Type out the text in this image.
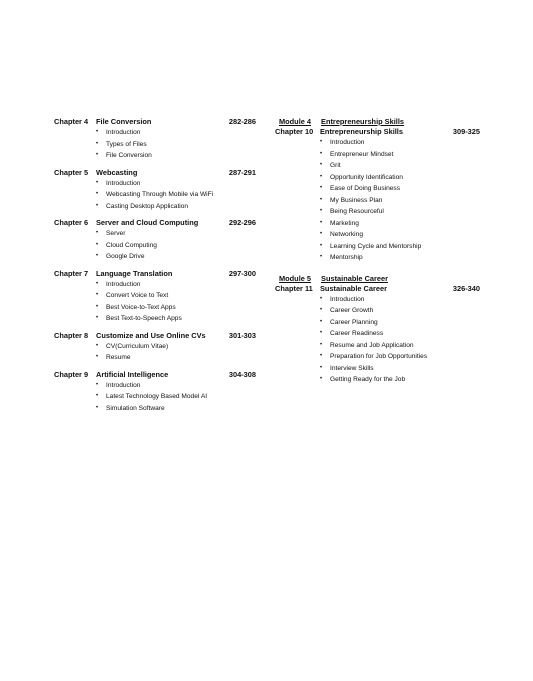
Chapter 4	File Conversion	282-286
• Introduction
• Types of Files
• File Conversion
Chapter 5	Webcasting	287-291
• Introduction
• Webcasting Through Mobile via WiFi
• Casting Desktop Application
Chapter 6	Server and Cloud Computing	292-296
• Server
• Cloud Computing
• Google Drive
Chapter 7	Language Translation	297-300
• Introduction
• Convert Voice to Text
• Best Voice-to-Text Apps
• Best Text-to-Speech Apps
Chapter 8	Customize and Use Online CVs	301-303
• CV(Curriculum Vitae)
• Resume
Chapter 9	Artificial Intelligence	304-308
• Introduction
• Latest Technology Based Model AI
• Simulation Software
Module 4 Entrepreneurship Skills
Chapter 10 Entrepreneurship Skills	309-325
• Introduction
• Entrepreneur Mindset
• Grit
• Opportunity Identification
• Ease of Doing Business
• My Business Plan
• Being Resourceful
• Marketing
• Networking
• Learning Cycle and Mentorship
• Mentorship
Module 5 Sustainable Career
Chapter 11 Sustainable Career	326-340
• Introduction
• Career Growth
• Career Planning
• Career Readiness
• Resume and Job Application
• Preparation for Job Opportunities
• Interview Skills
• Getting Ready for the Job
